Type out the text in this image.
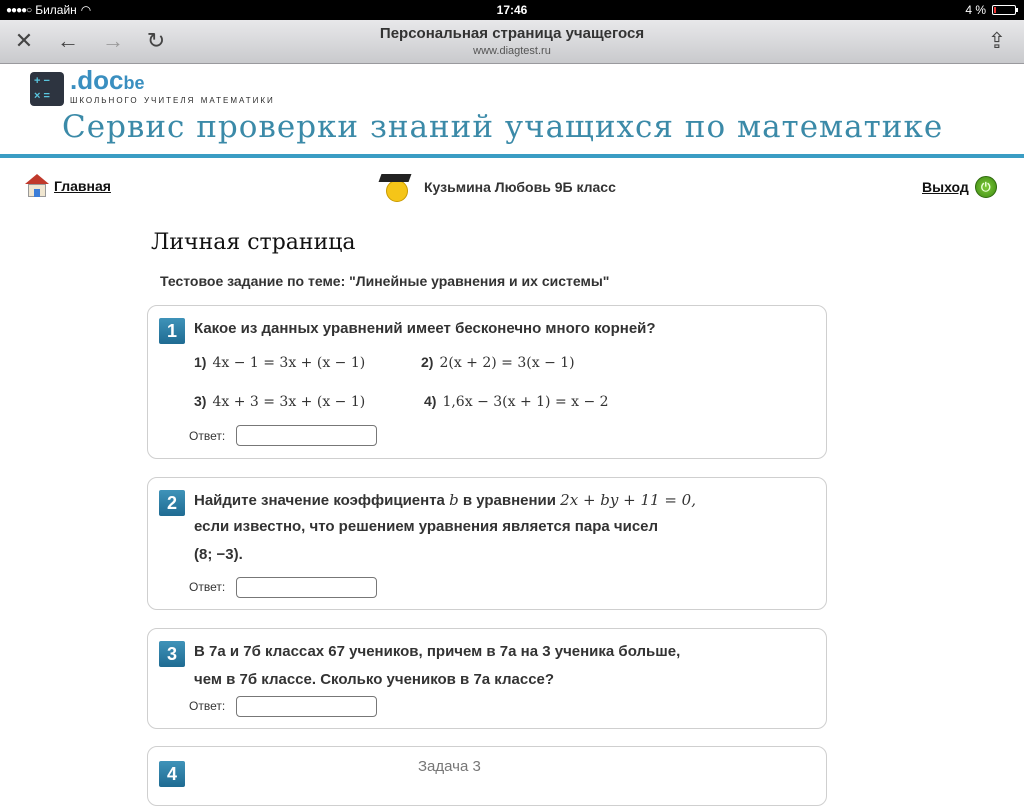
●●●●○ Билайн ◠	17:46	4 %
✕ ← → ↻	Персональная страница учащегося
www.diagtest.ru	⇪
+ −
× =
.docbe
школьного учителя математики
Сервис проверки знаний учащихся по математике
Главная	Кузьмина Любовь 9Б класс	Выход	⏻
Личная страница
Тестовое задание по теме: "Линейные уравнения и их системы"
1	Какое из данных уравнений имеет бесконечно много корней?
1) 4x − 1 = 3x + (x − 1)	2) 2(x + 2) = 3(x − 1)
3) 4x + 3 = 3x + (x − 1)	4) 1,6x − 3(x + 1) = x − 2
Ответ:
2	Найдите значение коэффициента b в уравнении 2x + by + 11 = 0,
если известно, что решением уравнения является пара чисел
(8; −3).
Ответ:
3	В 7а и 7б классах 67 учеников, причем в 7а на 3 ученика больше,
чем в 7б классе. Сколько учеников в 7а классе?
Ответ:
4	Задача 3
